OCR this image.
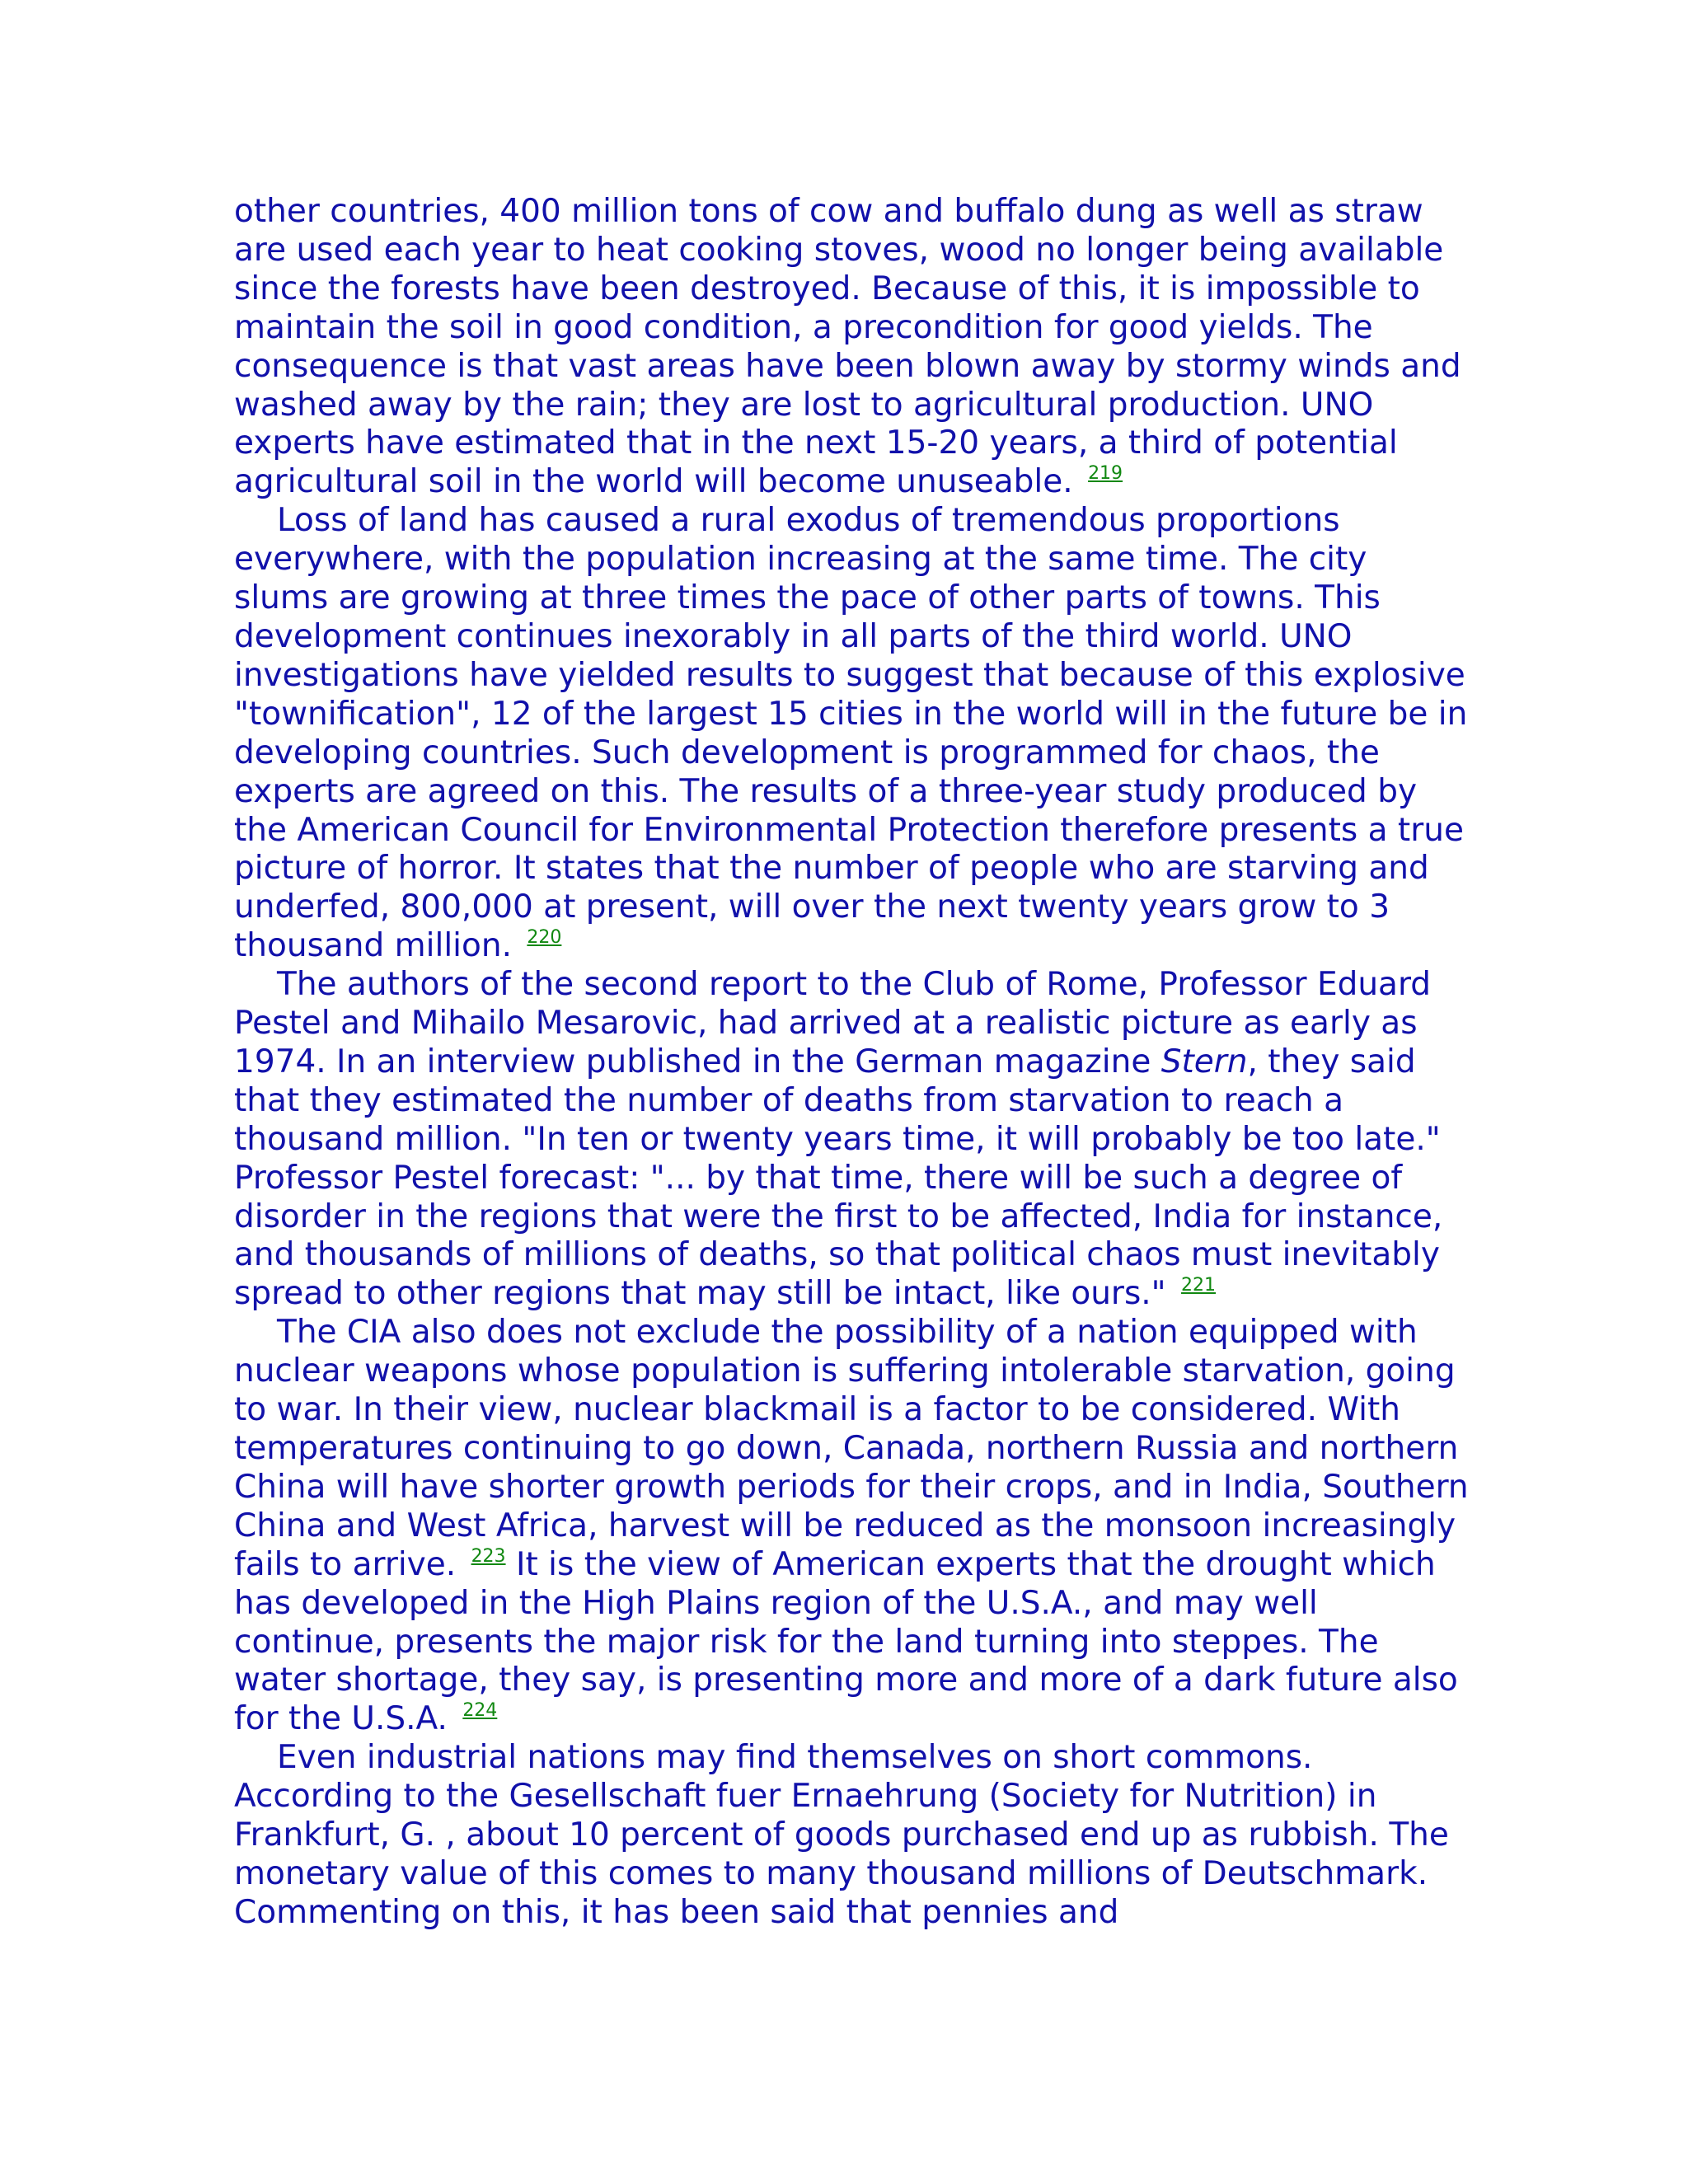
other countries, 400 million tons of cow and buffalo dung as well as straw are used each year to heat cooking stoves, wood no longer being available since the forests have been destroyed. Because of this, it is impossible to maintain the soil in good condition, a precondition for good yields. The consequence is that vast areas have been blown away by stormy winds and washed away by the rain; they are lost to agricultural production. UNO experts have estimated that in the next 15-20 years, a third of potential agricultural soil in the world will become unuseable. $^{219}$

Loss of land has caused a rural exodus of tremendous proportions everywhere, with the population increasing at the same time. The city slums are growing at three times the pace of other parts of towns. This development continues inexorably in all parts of the third world. UNO investigations have yielded results to suggest that because of this explosive "townification", 12 of the largest 15 cities in the world will in the future be in developing countries. Such development is programmed for chaos, the experts are agreed on this. The results of a three-year study produced by the American Council for Environmental Protection therefore presents a true picture of horror. It states that the number of people who are starving and underfed, 800,000 at present, will over the next twenty years grow to 3 thousand million. $^{220}$

The authors of the second report to the Club of Rome, Professor Eduard Pestel and Mihailo Mesarovic, had arrived at a realistic picture as early as 1974. In an interview published in the German magazine Stern, they said that they estimated the number of deaths from starvation to reach a thousand million. "In ten or twenty years time, it will probably be too late." Professor Pestel forecast: "... by that time, there will be such a degree of disorder in the regions that were the first to be affected, India for instance, and thousands of millions of deaths, so that political chaos must inevitably spread to other regions that may still be intact, like ours." $^{221}$

The CIA also does not exclude the possibility of a nation equipped with nuclear weapons whose population is suffering intolerable starvation, going to war. In their view, nuclear blackmail is a factor to be considered. With temperatures continuing to go down, Canada, northern Russia and northern China will have shorter growth periods for their crops, and in India, Southern China and West Africa, harvest will be reduced as the monsoon increasingly fails to arrive. $^{223}$ It is the view of American experts that the drought which has developed in the High Plains region of the U.S.A., and may well continue, presents the major risk for the land turning into steppes. The water shortage, they say, is presenting more and more of a dark future also for the U.S.A. $^{224}$

Even industrial nations may find themselves on short commons. According to the Gesellschaft fuer Ernaehrung (Society for Nutrition) in Frankfurt, G. , about 10 percent of goods purchased end up as rubbish. The monetary value of this comes to many thousand millions of Deutschmark. Commenting on this, it has been said that pennies and
